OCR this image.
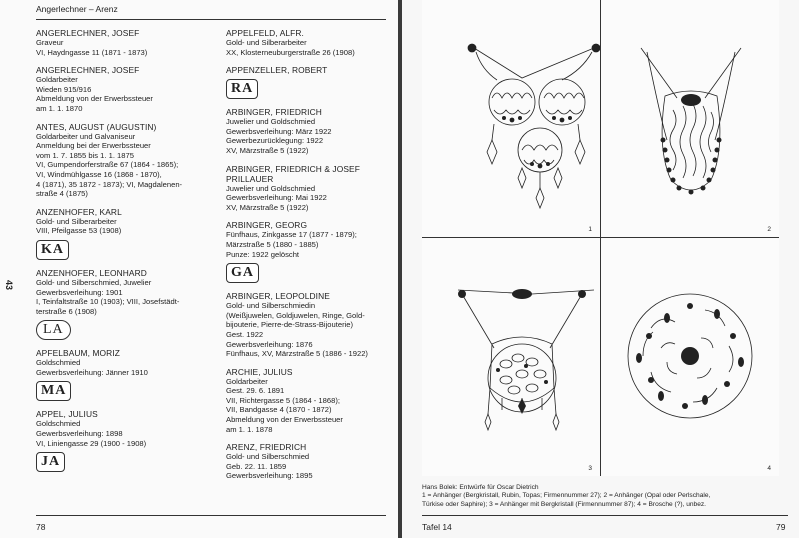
Angerlechner – Arenz
ANGERLECHNER, JOSEF
Graveur
VI, Haydngasse 11 (1871 - 1873)
ANGERLECHNER, JOSEF
Goldarbeiter
Wieden 915/916
Abmeldung von der Erwerbssteuer
am 1. 1. 1870
ANTES, AUGUST (AUGUSTIN)
Goldarbeiter und Galvaniseur
Anmeldung bei der Erwerbssteuer
vom 1. 7. 1855 bis 1. 1. 1875
VI, Gumpendorferstraße 67 (1864 - 1865);
VI, Windmühlgasse 16 (1868 - 1870),
4 (1871), 35 1872 - 1873); VI, Magdalenen-
straße 4 (1875)
ANZENHOFER, KARL
Gold- und Silberarbeiter
VIII, Pfeilgasse 53 (1908)
KA
ANZENHOFER, LEONHARD
Gold- und Silberschmied, Juwelier
Gewerbsverleihung: 1901
I, Teinfaltstraße 10 (1903); VIII, Josefstädt-
terstraße 6 (1908)
LA
APFELBAUM, MORIZ
Goldschmied
Gewerbsverleihung: Jänner 1910
MA
APPEL, JULIUS
Goldschmied
Gewerbsverleihung: 1898
VI, Liniengasse 29 (1900 - 1908)
JA
APPELFELD, ALFR.
Gold- und Silberarbeiter
XX, Klosterneuburgerstraße 26 (1908)
APPENZELLER, ROBERT
RA
ARBINGER, FRIEDRICH
Juwelier und Goldschmied
Gewerbsverleihung: März 1922
Gewerbezurücklegung: 1922
XV, Märzstraße 5 (1922)
ARBINGER, FRIEDRICH & JOSEF PRILLAUER
Juwelier und Goldschmied
Gewerbsverleihung: Mai 1922
XV, Märzstraße 5 (1922)
ARBINGER, GEORG
Fünfhaus, Zinkgasse 17 (1877 - 1879);
Märzstraße 5 (1880 - 1885)
Punze: 1922 gelöscht
GA
ARBINGER, LEOPOLDINE
Gold- und Silberschmiedin
(Weißjuwelen, Goldjuwelen, Ringe, Gold-
bijouterie, Pierre-de-Strass-Bijouterie)
Gest. 1922
Gewerbsverleihung: 1876
Fünfhaus, XV, Märzstraße 5 (1886 - 1922)
ARCHIE, JULIUS
Goldarbeiter
Gest. 29. 6. 1891
VII, Richtergasse 5 (1864 - 1868);
VII, Bandgasse 4 (1870 - 1872)
Abmeldung von der Erwerbssteuer
am 1. 1. 1878
ARENZ, FRIEDRICH
Gold- und Silberschmied
Geb. 22. 11. 1859
Gewerbsverleihung: 1895
43
78
1	2
3	4
Hans Bolek: Entwürfe für Oscar Dietrich
1 = Anhänger (Bergkristall, Rubin, Topas; Firmennummer 27); 2 = Anhänger (Opal oder Perlschale,
Türkise oder Saphire); 3 = Anhänger mit Bergkristall (Firmennummer 87); 4 = Brosche (?), unbez.
Tafel 14	79
